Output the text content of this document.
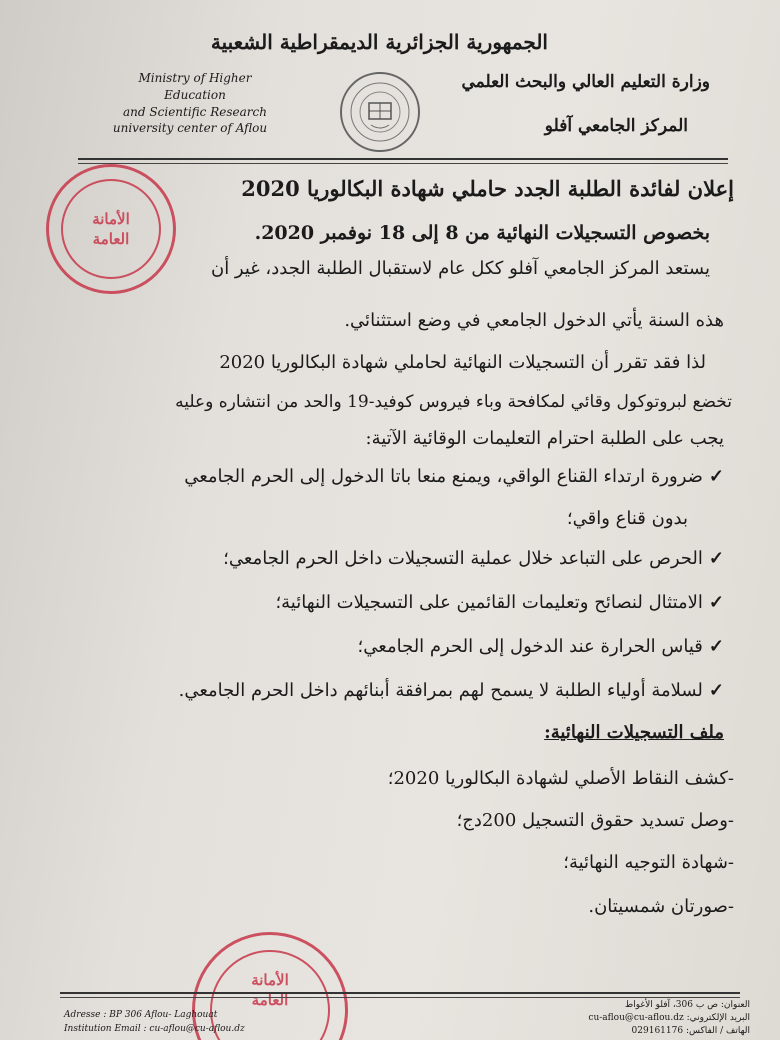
الجمهورية الجزائرية الديمقراطية الشعبية
وزارة التعليم العالي والبحث العلمي
المركز الجامعي آفلو
Ministry of Higher Education
and Scientific Research
university center of Aflou
إعلان لفائدة الطلبة الجدد حاملي شهادة البكالوريا 2020
بخصوص التسجيلات النهائية من 8 إلى 18 نوفمبر 2020.
يستعد المركز الجامعي آفلو ككل عام لاستقبال الطلبة الجدد، غير أن
هذه السنة يأتي الدخول الجامعي في وضع استثنائي.
لذا فقد تقرر أن التسجيلات النهائية لحاملي شهادة البكالوريا 2020
تخضع لبروتوكول وقائي لمكافحة وباء فيروس كوفيد-19 والحد من انتشاره وعليه
يجب على الطلبة احترام التعليمات الوقائية الآتية:
✓ضرورة ارتداء القناع الواقي، ويمنع منعا باتا الدخول إلى الحرم الجامعي
بدون قناع واقي؛
✓الحرص على التباعد خلال عملية التسجيلات داخل الحرم الجامعي؛
✓الامتثال لنصائح وتعليمات القائمين على التسجيلات النهائية؛
✓قياس الحرارة عند الدخول إلى الحرم الجامعي؛
✓لسلامة أولياء الطلبة لا يسمح لهم بمرافقة أبنائهم داخل الحرم الجامعي.
ملف التسجيلات النهائية:
-كشف النقاط الأصلي لشهادة البكالوريا 2020؛
-وصل تسديد حقوق التسجيل 200دج؛
-شهادة التوجيه النهائية؛
-صورتان شمسيتان.
الأمانة
العامة
الأمانة
العامة
Adresse : BP 306 Aflou- Laghouat
Institution Email : cu-aflou@cu-aflou.dz
العنوان: ص ب 306، آفلو الأغواط
البريد الإلكتروني: cu-aflou@cu-aflou.dz
الهاتف / الفاكس: 029161176
